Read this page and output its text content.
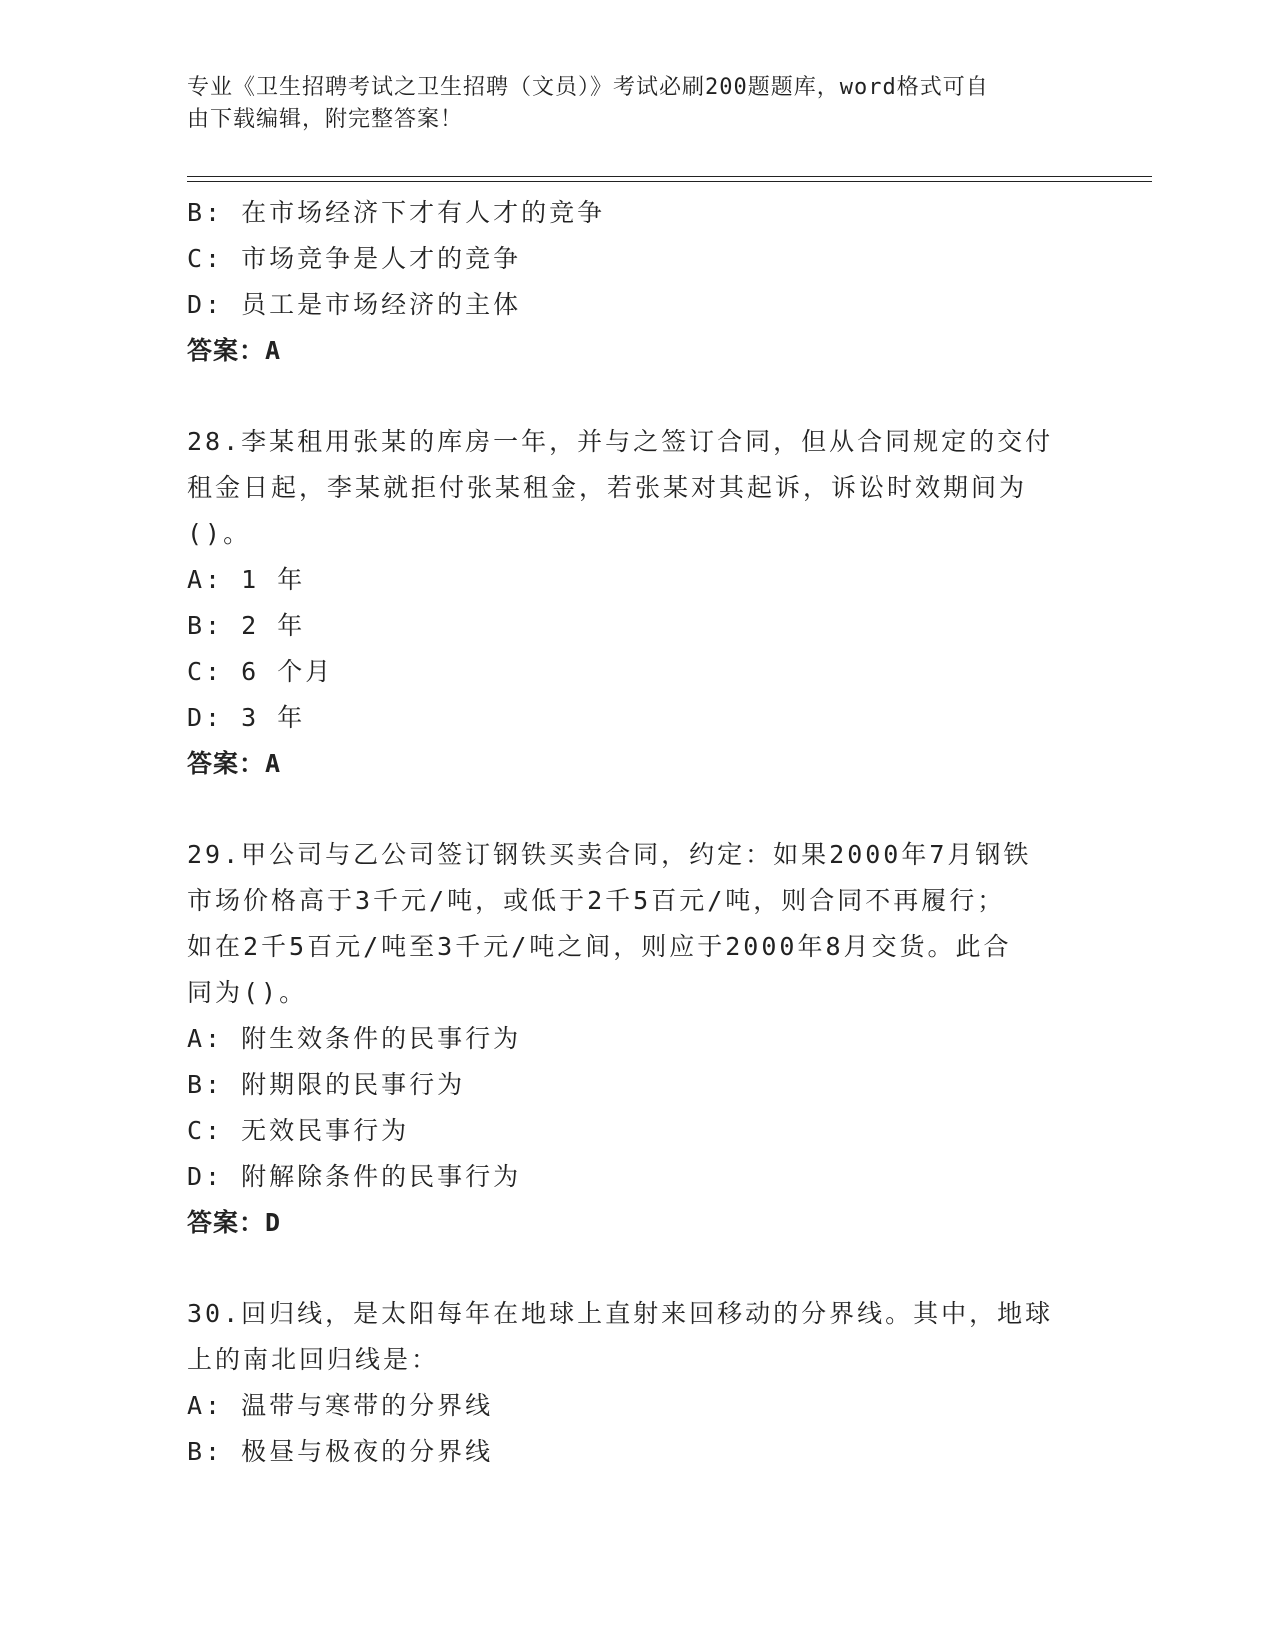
专业《卫生招聘考试之卫生招聘（文员）》考试必刷200题题库，word格式可自
由下载编辑，附完整答案！
B: 在市场经济下才有人才的竞争
C: 市场竞争是人才的竞争
D: 员工是市场经济的主体
答案：A
28.李某租用张某的库房一年，并与之签订合同，但从合同规定的交付
租金日起，李某就拒付张某租金，若张某对其起诉，诉讼时效期间为
()。
A: 1 年
B: 2 年
C: 6 个月
D: 3 年
答案：A
29.甲公司与乙公司签订钢铁买卖合同，约定：如果2000年7月钢铁
市场价格高于3千元/吨，或低于2千5百元/吨，则合同不再履行；
如在2千5百元/吨至3千元/吨之间，则应于2000年8月交货。此合
同为()。
A: 附生效条件的民事行为
B: 附期限的民事行为
C: 无效民事行为
D: 附解除条件的民事行为
答案：D
30.回归线，是太阳每年在地球上直射来回移动的分界线。其中，地球
上的南北回归线是：
A: 温带与寒带的分界线
B: 极昼与极夜的分界线
